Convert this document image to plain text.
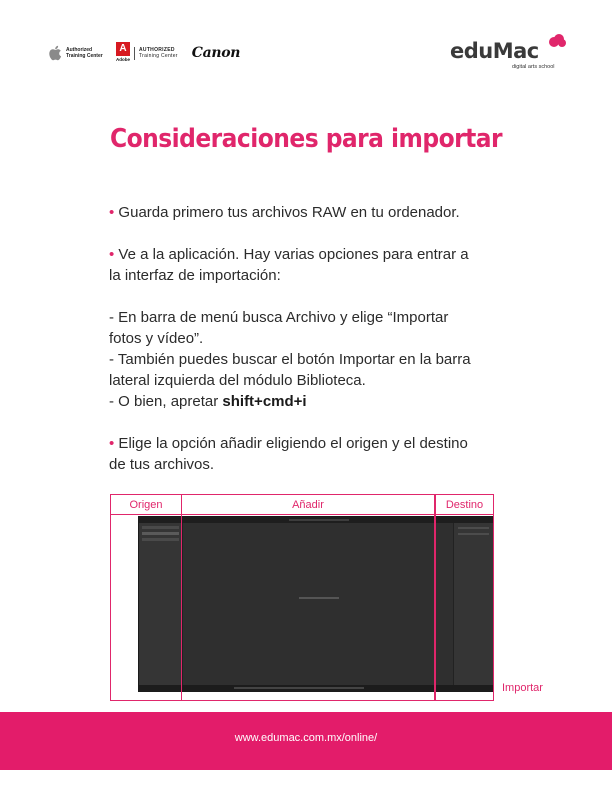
Authorized
Training Center
A
Adobe
AUTHORIZED
Training Center Canon	eduMac
digital arts school
Consideraciones para importar

• Guarda primero tus archivos RAW en tu ordenador.

• Ve a la aplicación. Hay varias opciones para entrar a

la interfaz de importación:

- En barra de menú busca Archivo y elige “Importar

fotos y vídeo”.

- También puedes buscar el botón Importar en la barra

lateral izquierda del módulo Biblioteca.

- O bien, apretar shift+cmd+i

• Elige la opción añadir eligiendo el origen y el destino

de tus archivos.

Origen	Añadir	Destino
Importar
www.edumac.com.mx/online/
